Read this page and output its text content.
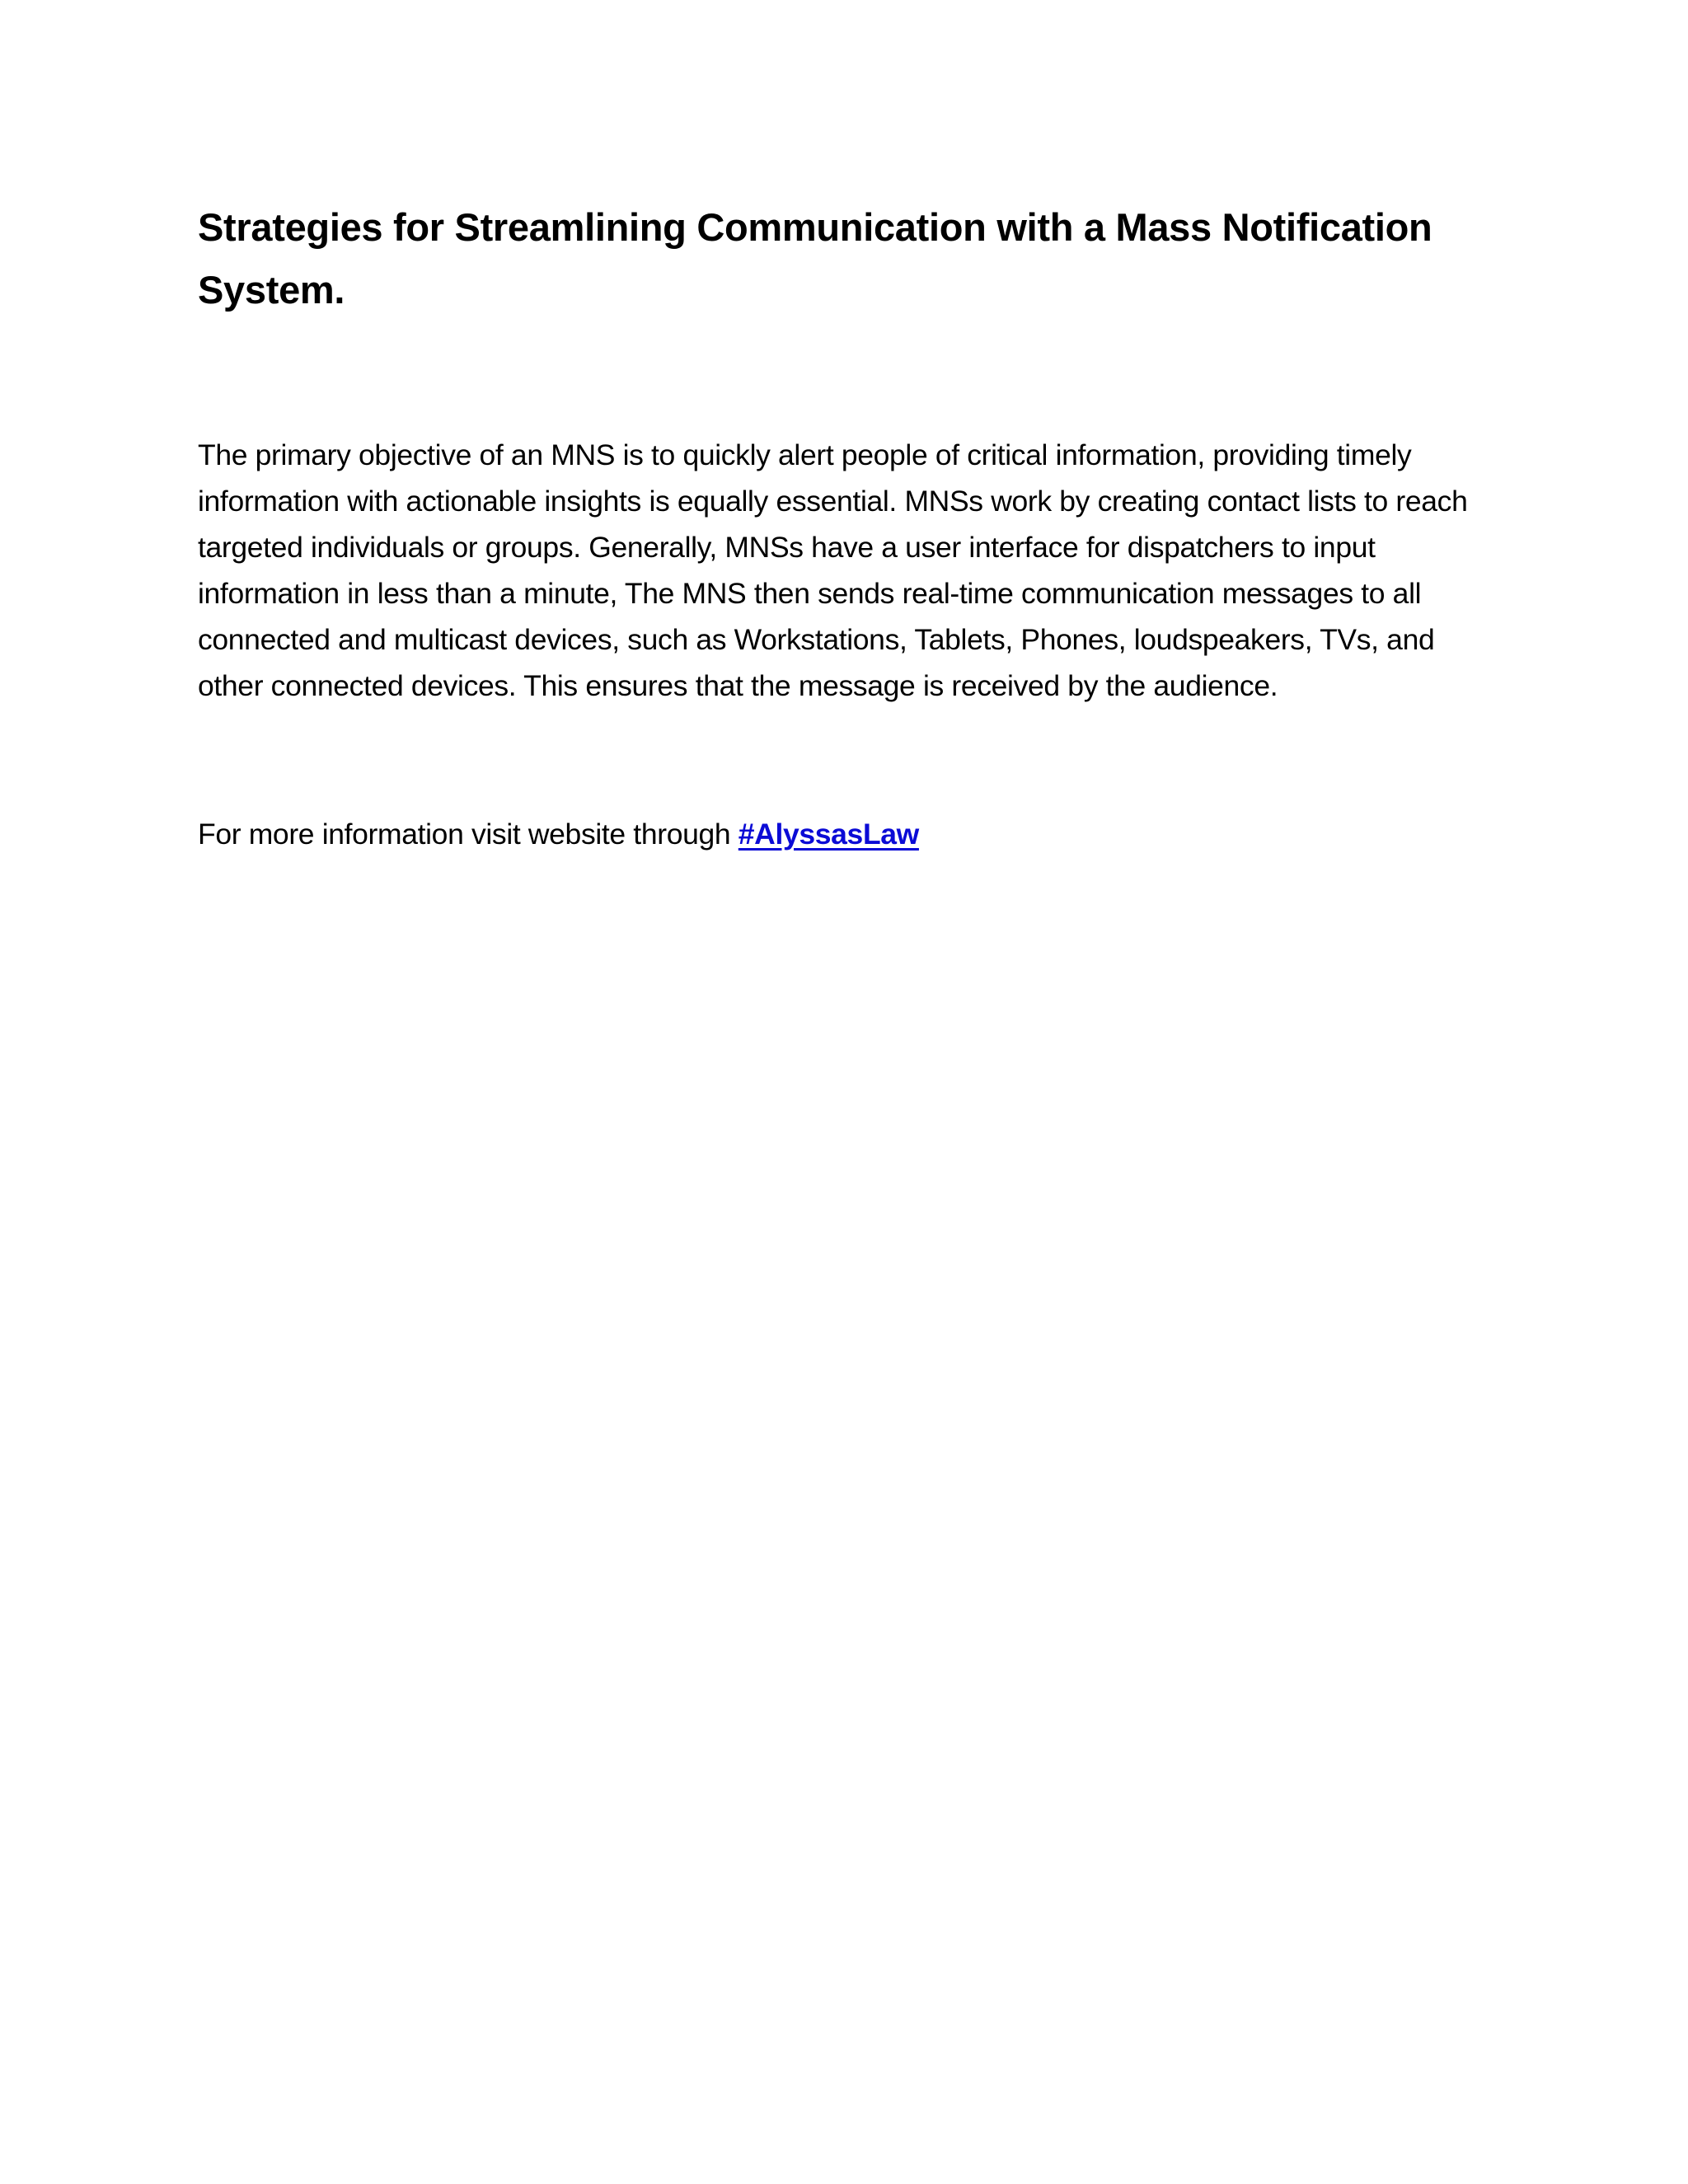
Strategies for Streamlining Communication with a Mass Notification System.

The primary objective of an MNS is to quickly alert people of critical information, providing timely information with actionable insights is equally essential. MNSs work by creating contact lists to reach targeted individuals or groups. Generally, MNSs have a user interface for dispatchers to input information in less than a minute, The MNS then sends real-time communication messages to all connected and multicast devices, such as Workstations, Tablets, Phones, loudspeakers, TVs, and other connected devices. This ensures that the message is received by the audience.

For more information visit website through #AlyssasLaw
